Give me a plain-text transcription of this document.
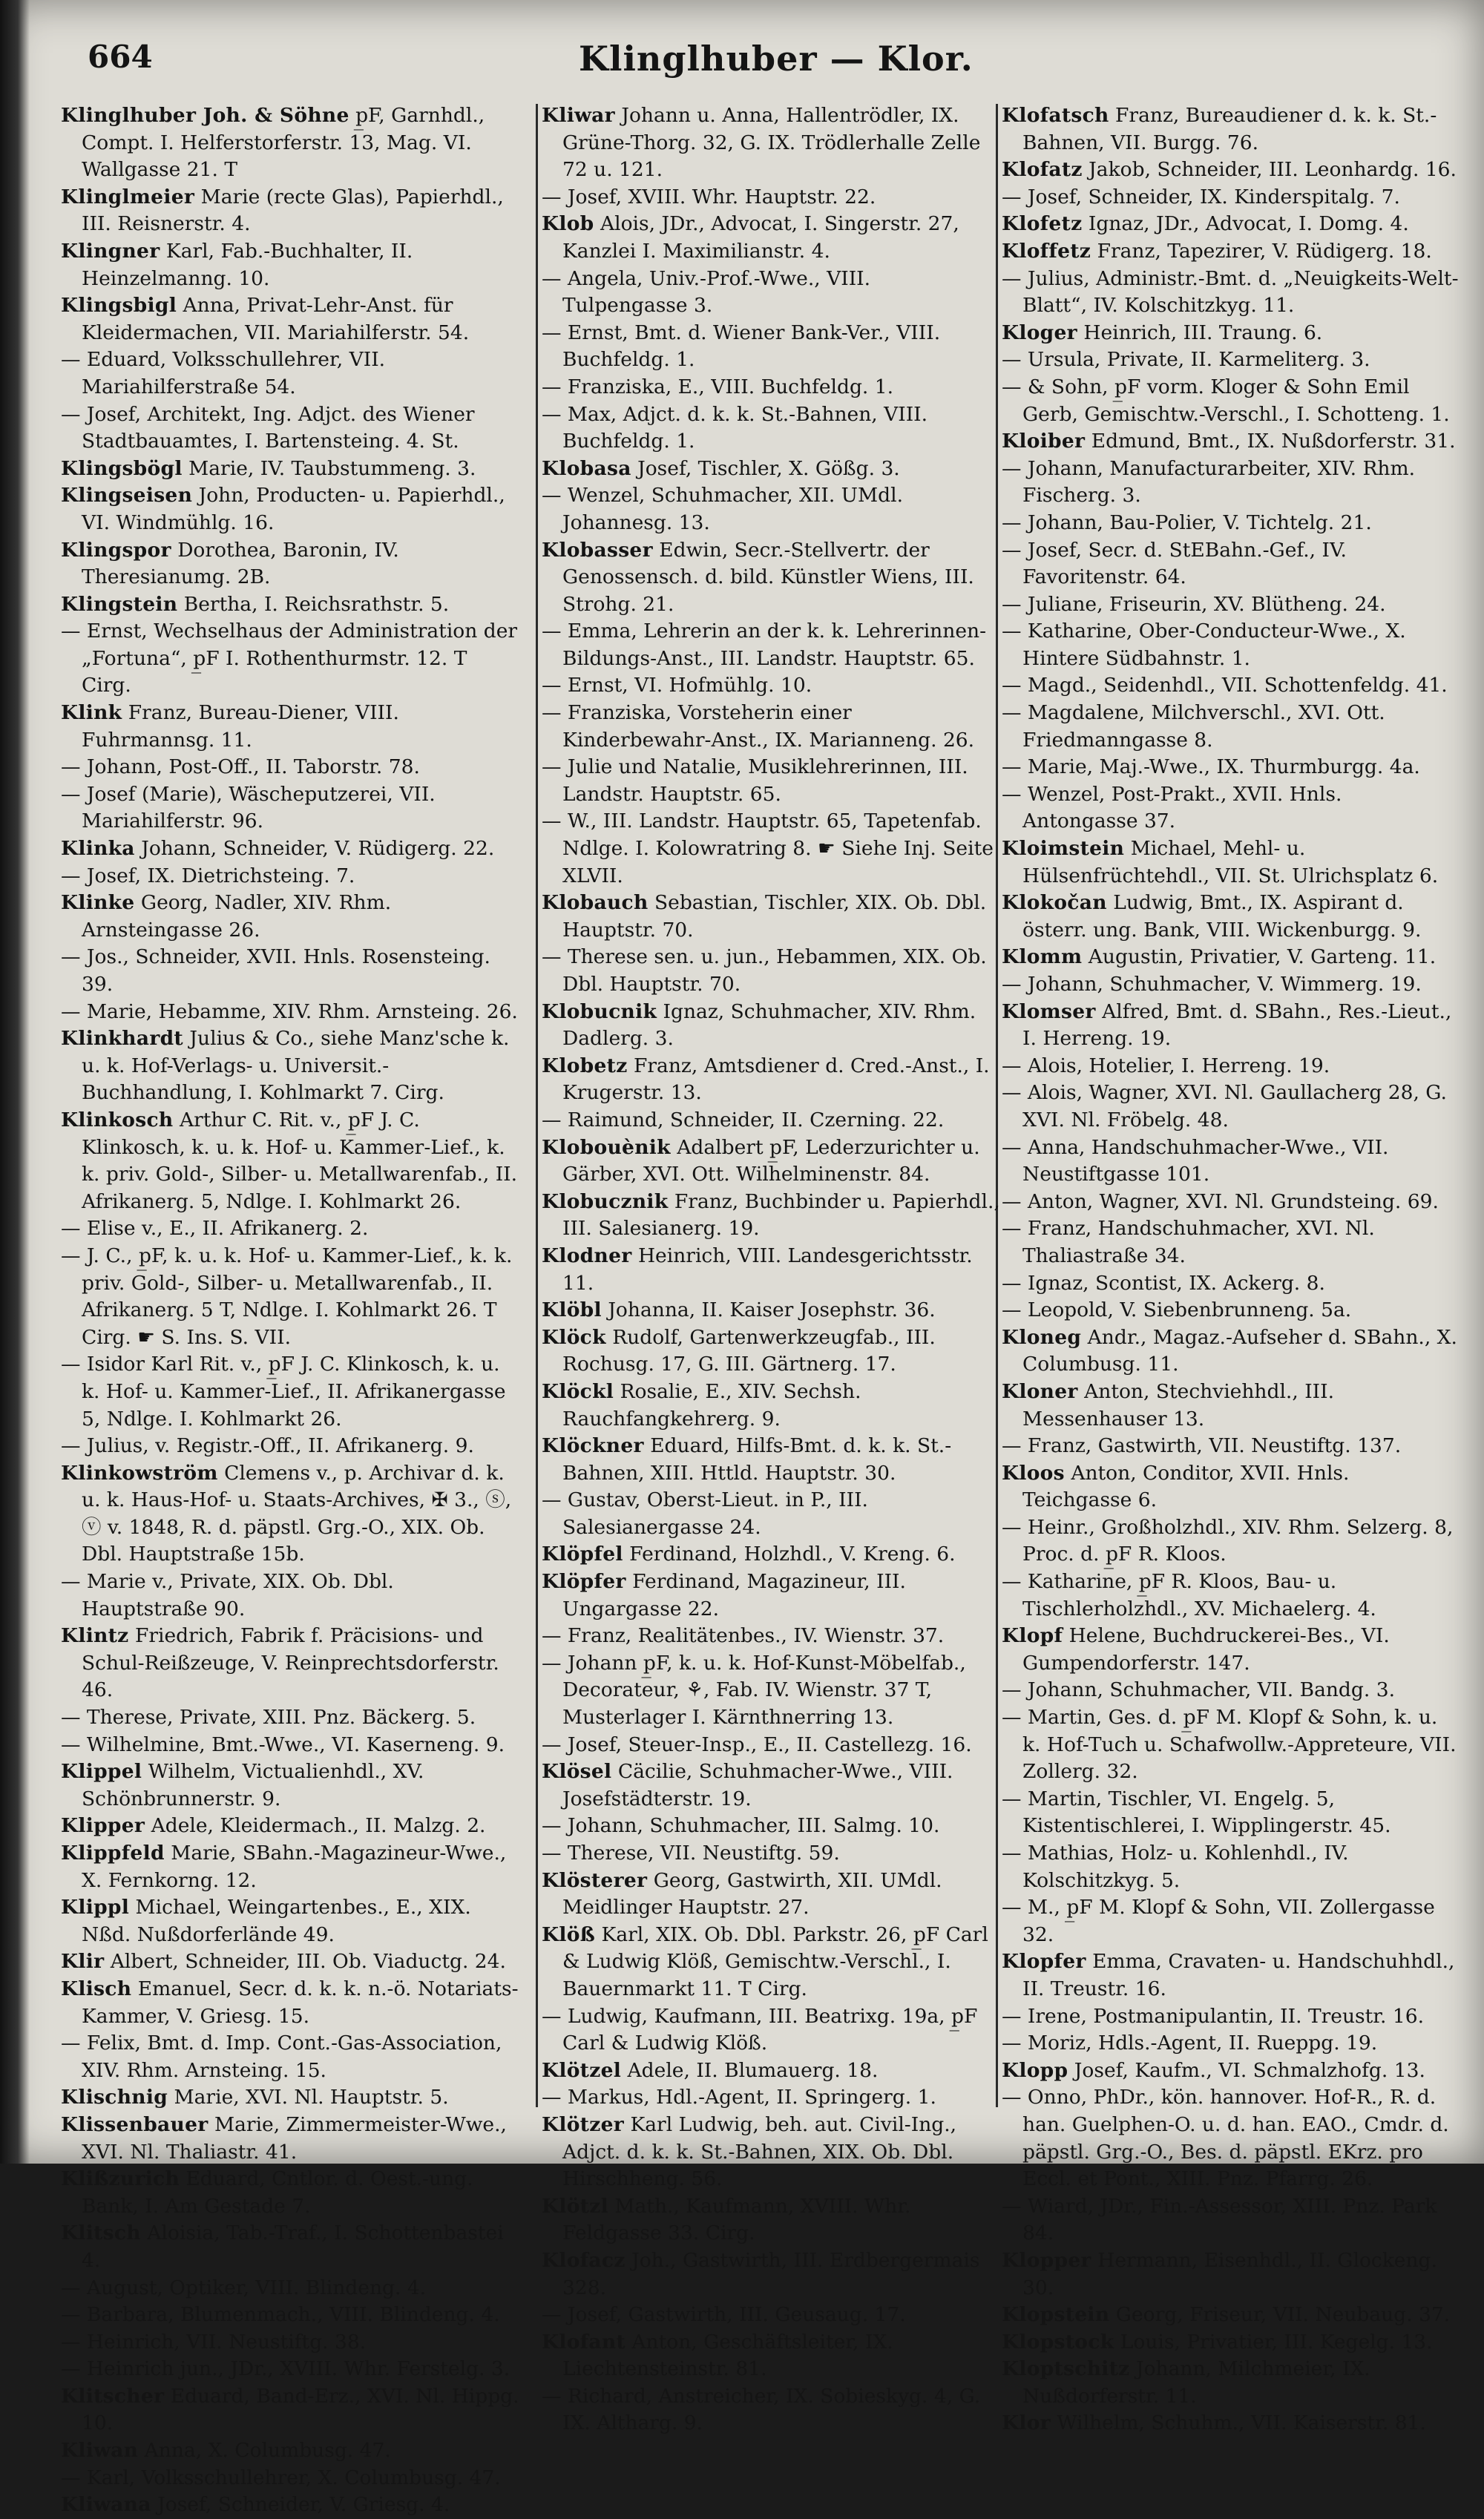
664	Klinglhuber — Klor.

Klinglhuber Joh. & Söhne p̲F, Garnhdl., Compt. I. Helferstorferstr. 13, Mag. VI. Wallgasse 21. T

Klinglmeier Marie (recte Glas), Papierhdl., III. Reisnerstr. 4.

Klingner Karl, Fab.-Buchhalter, II. Heinzelmanng. 10.

Klingsbigl Anna, Privat-Lehr-Anst. für Kleidermachen, VII. Mariahilferstr. 54.

— Eduard, Volksschullehrer, VII. Mariahilferstraße 54.

— Josef, Architekt, Ing. Adjct. des Wiener Stadtbauamtes, I. Bartensteing. 4. St.

Klingsbögl Marie, IV. Taubstummeng. 3.

Klingseisen John, Producten- u. Papierhdl., VI. Windmühlg. 16.

Klingspor Dorothea, Baronin, IV. Theresianumg. 2B.

Klingstein Bertha, I. Reichsrathstr. 5.

— Ernst, Wechselhaus der Administration der „Fortuna“, p̲F I. Rothenthurmstr. 12. T Cirg.

Klink Franz, Bureau-Diener, VIII. Fuhrmannsg. 11.

— Johann, Post-Off., II. Taborstr. 78.

— Josef (Marie), Wäscheputzerei, VII. Mariahilferstr. 96.

Klinka Johann, Schneider, V. Rüdigerg. 22.

— Josef, IX. Dietrichsteing. 7.

Klinke Georg, Nadler, XIV. Rhm. Arnsteingasse 26.

— Jos., Schneider, XVII. Hnls. Rosensteing. 39.

— Marie, Hebamme, XIV. Rhm. Arnsteing. 26.

Klinkhardt Julius & Co., siehe Manz'sche k. u. k. Hof-Verlags- u. Universit.-Buchhandlung, I. Kohlmarkt 7. Cirg.

Klinkosch Arthur C. Rit. v., p̲F J. C. Klinkosch, k. u. k. Hof- u. Kammer-Lief., k. k. priv. Gold-, Silber- u. Metallwarenfab., II. Afrikanerg. 5, Ndlge. I. Kohlmarkt 26.

— Elise v., E., II. Afrikanerg. 2.

— J. C., p̲F, k. u. k. Hof- u. Kammer-Lief., k. k. priv. Gold-, Silber- u. Metallwarenfab., II. Afrikanerg. 5 T, Ndlge. I. Kohlmarkt 26. T Cirg. ☛ S. Ins. S. VII.

— Isidor Karl Rit. v., p̲F J. C. Klinkosch, k. u. k. Hof- u. Kammer-Lief., II. Afrikanergasse 5, Ndlge. I. Kohlmarkt 26.

— Julius, v. Registr.-Off., II. Afrikanerg. 9.

Klinkowström Clemens v., p. Archivar d. k. u. k. Haus-Hof- u. Staats-Archives, ✠ 3., ⓢ, ⓥ v. 1848, R. d. päpstl. Grg.-O., XIX. Ob. Dbl. Hauptstraße 15b.

— Marie v., Private, XIX. Ob. Dbl. Hauptstraße 90.

Klintz Friedrich, Fabrik f. Präcisions- und Schul-Reißzeuge, V. Reinprechtsdorferstr. 46.

— Therese, Private, XIII. Pnz. Bäckerg. 5.

— Wilhelmine, Bmt.-Wwe., VI. Kaserneng. 9.

Klippel Wilhelm, Victualienhdl., XV. Schönbrunnerstr. 9.

Klipper Adele, Kleidermach., II. Malzg. 2.

Klippfeld Marie, SBahn.-Magazineur-Wwe., X. Fernkorng. 12.

Klippl Michael, Weingartenbes., E., XIX. Nßd. Nußdorferlände 49.

Klir Albert, Schneider, III. Ob. Viaductg. 24.

Klisch Emanuel, Secr. d. k. k. n.-ö. Notariats-Kammer, V. Griesg. 15.

— Felix, Bmt. d. Imp. Cont.-Gas-Association, XIV. Rhm. Arnsteing. 15.

Klischnig Marie, XVI. Nl. Hauptstr. 5.

Klissenbauer Marie, Zimmermeister-Wwe., XVI. Nl. Thaliastr. 41.

Klißzurich Eduard, Cntlor. d. Oest.-ung. Bank, I. Am Gestade 7.

Klitsch Aloisia, Tab.-Traf., I. Schottenbastei 4.

— August, Optiker, VIII. Blindeng. 4.

— Barbara, Blumenmach., VIII. Blindeng. 4.

— Heinrich, VII. Neustiftg. 38.

— Heinrich jun., JDr., XVIII. Whr. Ferstelg. 3.

Klitscher Eduard, Band-Erz., XVI. Nl. Hippg. 10.

Kliwan Anna, X. Columbusg. 47.

— Karl, Volksschullehrer, X. Columbusg. 47.

Kliwana Josef, Schneider, V. Griesg. 4.

Kliwar Johann u. Anna, Hallentrödler, IX. Grüne-Thorg. 32, G. IX. Trödlerhalle Zelle 72 u. 121.

— Josef, XVIII. Whr. Hauptstr. 22.

Klob Alois, JDr., Advocat, I. Singerstr. 27, Kanzlei I. Maximilianstr. 4.

— Angela, Univ.-Prof.-Wwe., VIII. Tulpengasse 3.

— Ernst, Bmt. d. Wiener Bank-Ver., VIII. Buchfeldg. 1.

— Franziska, E., VIII. Buchfeldg. 1.

— Max, Adjct. d. k. k. St.-Bahnen, VIII. Buchfeldg. 1.

Klobasa Josef, Tischler, X. Gößg. 3.

— Wenzel, Schuhmacher, XII. UMdl. Johannesg. 13.

Klobasser Edwin, Secr.-Stellvertr. der Genossensch. d. bild. Künstler Wiens, III. Strohg. 21.

— Emma, Lehrerin an der k. k. Lehrerinnen-Bildungs-Anst., III. Landstr. Hauptstr. 65.

— Ernst, VI. Hofmühlg. 10.

— Franziska, Vorsteherin einer Kinderbewahr-Anst., IX. Marianneng. 26.

— Julie und Natalie, Musiklehrerinnen, III. Landstr. Hauptstr. 65.

— W., III. Landstr. Hauptstr. 65, Tapetenfab. Ndlge. I. Kolowratring 8. ☛ Siehe Inj. Seite XLVII.

Klobauch Sebastian, Tischler, XIX. Ob. Dbl. Hauptstr. 70.

— Therese sen. u. jun., Hebammen, XIX. Ob. Dbl. Hauptstr. 70.

Klobucnik Ignaz, Schuhmacher, XIV. Rhm. Dadlerg. 3.

Klobetz Franz, Amtsdiener d. Cred.-Anst., I. Krugerstr. 13.

— Raimund, Schneider, II. Czerning. 22.

Klobouènik Adalbert p̲F, Lederzurichter u. Gärber, XVI. Ott. Wilhelminenstr. 84.

Klobucznik Franz, Buchbinder u. Papierhdl., III. Salesianerg. 19.

Klodner Heinrich, VIII. Landesgerichtsstr. 11.

Klöbl Johanna, II. Kaiser Josephstr. 36.

Klöck Rudolf, Gartenwerkzeugfab., III. Rochusg. 17, G. III. Gärtnerg. 17.

Klöckl Rosalie, E., XIV. Sechsh. Rauchfangkehrerg. 9.

Klöckner Eduard, Hilfs-Bmt. d. k. k. St.-Bahnen, XIII. Httld. Hauptstr. 30.

— Gustav, Oberst-Lieut. in P., III. Salesianergasse 24.

Klöpfel Ferdinand, Holzhdl., V. Kreng. 6.

Klöpfer Ferdinand, Magazineur, III. Ungargasse 22.

— Franz, Realitätenbes., IV. Wienstr. 37.

— Johann p̲F, k. u. k. Hof-Kunst-Möbelfab., Decorateur, ⚘, Fab. IV. Wienstr. 37 T, Musterlager I. Kärnthnerring 13.

— Josef, Steuer-Insp., E., II. Castellezg. 16.

Klösel Cäcilie, Schuhmacher-Wwe., VIII. Josefstädterstr. 19.

— Johann, Schuhmacher, III. Salmg. 10.

— Therese, VII. Neustiftg. 59.

Klösterer Georg, Gastwirth, XII. UMdl. Meidlinger Hauptstr. 27.

Klöß Karl, XIX. Ob. Dbl. Parkstr. 26, p̲F Carl & Ludwig Klöß, Gemischtw.-Verschl., I. Bauernmarkt 11. T Cirg.

— Ludwig, Kaufmann, III. Beatrixg. 19a, p̲F Carl & Ludwig Klöß.

Klötzel Adele, II. Blumauerg. 18.

— Markus, Hdl.-Agent, II. Springerg. 1.

Klötzer Karl Ludwig, beh. aut. Civil-Ing., Adjct. d. k. k. St.-Bahnen, XIX. Ob. Dbl. Hirschheng. 56.

Klötzl Math., Kaufmann, XVIII. Whr. Feldgasse 33. Cirg.

Klofacz Joh., Gastwirth, III. Erdbergermais 328.

— Josef, Gastwirth, III. Geusaug. 17.

Klofant Anton, Geschäftsleiter, IX. Liechtensteinstr. 81.

— Richard, Anstreicher, IX. Sobieskyg. 4, G. IX. Altharg. 9.

Klofatsch Franz, Bureaudiener d. k. k. St.-Bahnen, VII. Burgg. 76.

Klofatz Jakob, Schneider, III. Leonhardg. 16.

— Josef, Schneider, IX. Kinderspitalg. 7.

Klofetz Ignaz, JDr., Advocat, I. Domg. 4.

Kloffetz Franz, Tapezirer, V. Rüdigerg. 18.

— Julius, Administr.-Bmt. d. „Neuigkeits-Welt-Blatt“, IV. Kolschitzkyg. 11.

Kloger Heinrich, III. Traung. 6.

— Ursula, Private, II. Karmeliterg. 3.

— & Sohn, p̲F vorm. Kloger & Sohn Emil Gerb, Gemischtw.-Verschl., I. Schotteng. 1.

Kloiber Edmund, Bmt., IX. Nußdorferstr. 31.

— Johann, Manufacturarbeiter, XIV. Rhm. Fischerg. 3.

— Johann, Bau-Polier, V. Tichtelg. 21.

— Josef, Secr. d. StEBahn.-Gef., IV. Favoritenstr. 64.

— Juliane, Friseurin, XV. Blütheng. 24.

— Katharine, Ober-Conducteur-Wwe., X. Hintere Südbahnstr. 1.

— Magd., Seidenhdl., VII. Schottenfeldg. 41.

— Magdalene, Milchverschl., XVI. Ott. Friedmanngasse 8.

— Marie, Maj.-Wwe., IX. Thurmburgg. 4a.

— Wenzel, Post-Prakt., XVII. Hnls. Antongasse 37.

Kloimstein Michael, Mehl- u. Hülsenfrüchtehdl., VII. St. Ulrichsplatz 6.

Klokočan Ludwig, Bmt., IX. Aspirant d. österr. ung. Bank, VIII. Wickenburgg. 9.

Klomm Augustin, Privatier, V. Garteng. 11.

— Johann, Schuhmacher, V. Wimmerg. 19.

Klomser Alfred, Bmt. d. SBahn., Res.-Lieut., I. Herreng. 19.

— Alois, Hotelier, I. Herreng. 19.

— Alois, Wagner, XVI. Nl. Gaullacherg 28, G. XVI. Nl. Fröbelg. 48.

— Anna, Handschuhmacher-Wwe., VII. Neustiftgasse 101.

— Anton, Wagner, XVI. Nl. Grundsteing. 69.

— Franz, Handschuhmacher, XVI. Nl. Thaliastraße 34.

— Ignaz, Scontist, IX. Ackerg. 8.

— Leopold, V. Siebenbrunneng. 5a.

Kloneg Andr., Magaz.-Aufseher d. SBahn., X. Columbusg. 11.

Kloner Anton, Stechviehhdl., III. Messenhauser 13.

— Franz, Gastwirth, VII. Neustiftg. 137.

Kloos Anton, Conditor, XVII. Hnls. Teichgasse 6.

— Heinr., Großholzhdl., XIV. Rhm. Selzerg. 8, Proc. d. p̲F R. Kloos.

— Katharine, p̲F R. Kloos, Bau- u. Tischlerholzhdl., XV. Michaelerg. 4.

Klopf Helene, Buchdruckerei-Bes., VI. Gumpendorferstr. 147.

— Johann, Schuhmacher, VII. Bandg. 3.

— Martin, Ges. d. p̲F M. Klopf & Sohn, k. u. k. Hof-Tuch u. Schafwollw.-Appreteure, VII. Zollerg. 32.

— Martin, Tischler, VI. Engelg. 5, Kistentischlerei, I. Wipplingerstr. 45.

— Mathias, Holz- u. Kohlenhdl., IV. Kolschitzkyg. 5.

— M., p̲F M. Klopf & Sohn, VII. Zollergasse 32.

Klopfer Emma, Cravaten- u. Handschuhhdl., II. Treustr. 16.

— Irene, Postmanipulantin, II. Treustr. 16.

— Moriz, Hdls.-Agent, II. Rueppg. 19.

Klopp Josef, Kaufm., VI. Schmalzhofg. 13.

— Onno, PhDr., kön. hannover. Hof-R., R. d. han. Guelphen-O. u. d. han. EAO., Cmdr. d. päpstl. Grg.-O., Bes. d. päpstl. EKrz. pro Eccl. et Pont., XIII. Pnz. Pfarrg. 26.

— Wiard, JDr., Fin.-Assessor, XIII. Pnz. Park 84.

Klopper Hermann, Eisenhdl., II. Glockeng. 30.

Klopstein Georg, Friseur, VII. Neubaug. 37.

Klopstock Louis, Privatier, III. Kegelg. 13.

Kloptschitz Johann, Milchmeier, IX. Nußdorferstr. 11.

Klor Wilhelm, Schuhm., VII. Kaiserstr. 81.
